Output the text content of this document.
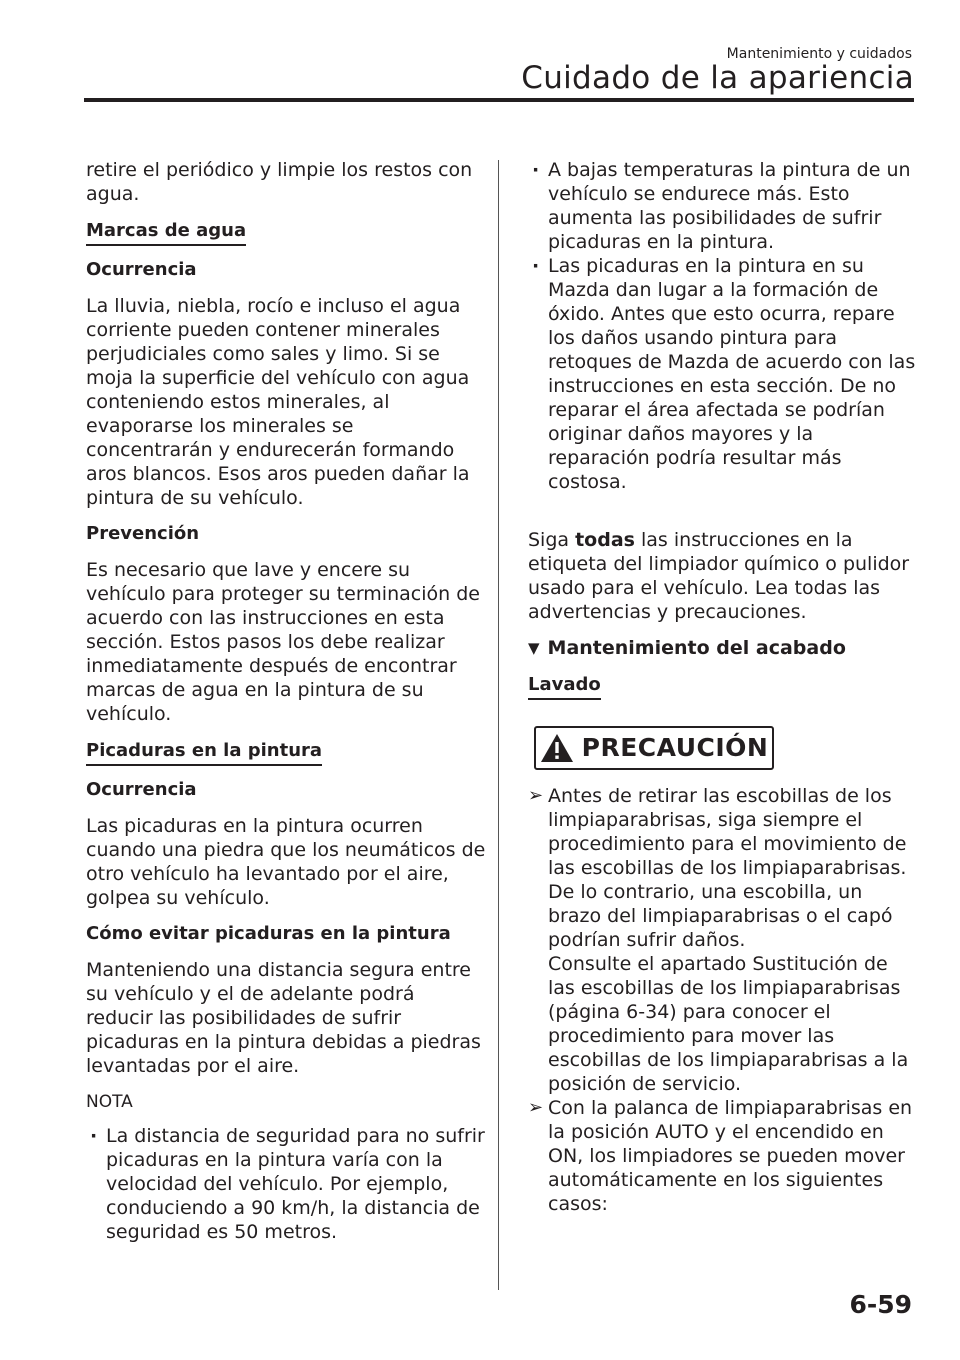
Mantenimiento y cuidados
Cuidado de la apariencia

retire el periódico y limpie los restos con agua.

Marcas de agua
Ocurrencia

La lluvia, niebla, rocío e incluso el agua corriente pueden contener minerales perjudiciales como sales y limo. Si se moja la superficie del vehículo con agua conteniendo estos minerales, al evaporarse los minerales se concentrarán y endurecerán formando aros blancos. Esos aros pueden dañar la pintura de su vehículo.

Prevención

Es necesario que lave y encere su vehículo para proteger su terminación de acuerdo con las instrucciones en esta sección. Estos pasos los debe realizar inmediatamente después de encontrar marcas de agua en la pintura de su vehículo.

Picaduras en la pintura
Ocurrencia

Las picaduras en la pintura ocurren cuando una piedra que los neumáticos de otro vehículo ha levantado por el aire, golpea su vehículo.

Cómo evitar picaduras en la pintura

Manteniendo una distancia segura entre su vehículo y el de adelante podrá reducir las posibilidades de sufrir picaduras en la pintura debidas a piedras levantadas por el aire.

NOTA
· La distancia de seguridad para no sufrir picaduras en la pintura varía con la velocidad del vehículo. Por ejemplo, conduciendo a 90 km/h, la distancia de seguridad es 50 metros.
· A bajas temperaturas la pintura de un vehículo se endurece más. Esto aumenta las posibilidades de sufrir picaduras en la pintura.
· Las picaduras en la pintura en su Mazda dan lugar a la formación de óxido. Antes que esto ocurra, repare los daños usando pintura para retoques de Mazda de acuerdo con las instrucciones en esta sección. De no reparar el área afectada se podrían originar daños mayores y la reparación podría resultar más costosa.

Siga todas las instrucciones en la etiqueta del limpiador químico o pulidor usado para el vehículo. Lea todas las advertencias y precauciones.

▼ Mantenimiento del acabado
Lavado
PRECAUCIÓN
➢ Antes de retirar las escobillas de los limpiaparabrisas, siga siempre el procedimiento para el movimiento de las escobillas de los limpiaparabrisas. De lo contrario, una escobilla, un brazo del limpiaparabrisas o el capó podrían sufrir daños.
Consulte el apartado Sustitución de las escobillas de los limpiaparabrisas (página 6-34) para conocer el procedimiento para mover las escobillas de los limpiaparabrisas a la posición de servicio.
➢ Con la palanca de limpiaparabrisas en la posición AUTO y el encendido en ON, los limpiadores se pueden mover automáticamente en los siguientes casos:
6-59
